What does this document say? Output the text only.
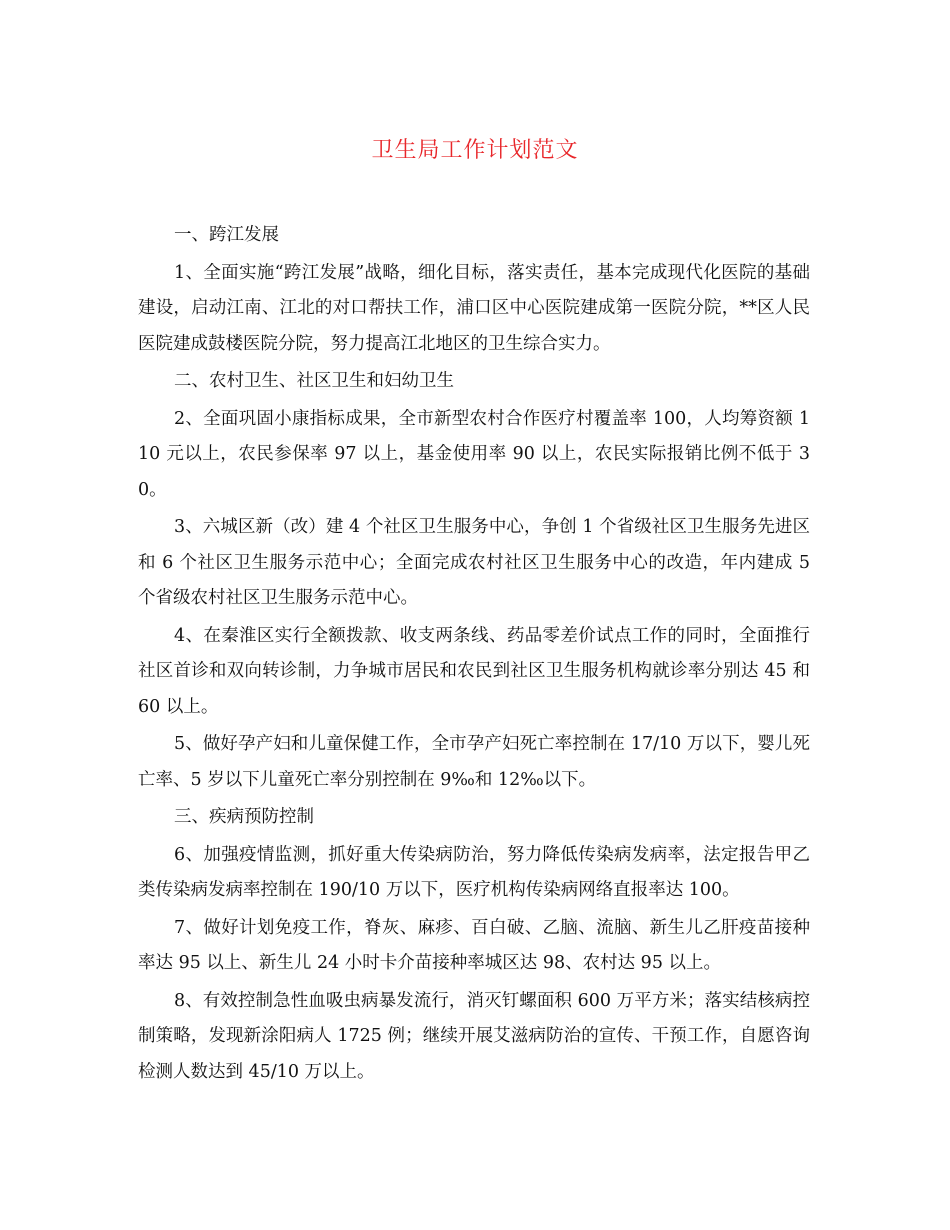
卫生局工作计划范文

一、跨江发展

1、全面实施“跨江发展”战略，细化目标，落实责任，基本完成现代化医院的基础建设，启动江南、江北的对口帮扶工作，浦口区中心医院建成第一医院分院，**区人民医院建成鼓楼医院分院，努力提高江北地区的卫生综合实力。

二、农村卫生、社区卫生和妇幼卫生

2、全面巩固小康指标成果，全市新型农村合作医疗村覆盖率 100，人均筹资额 110 元以上，农民参保率 97 以上，基金使用率 90 以上，农民实际报销比例不低于 30。

3、六城区新（改）建 4 个社区卫生服务中心，争创 1 个省级社区卫生服务先进区和 6 个社区卫生服务示范中心；全面完成农村社区卫生服务中心的改造，年内建成 5 个省级农村社区卫生服务示范中心。

4、在秦淮区实行全额拨款、收支两条线、药品零差价试点工作的同时，全面推行社区首诊和双向转诊制，力争城市居民和农民到社区卫生服务机构就诊率分别达 45 和 60 以上。

5、做好孕产妇和儿童保健工作，全市孕产妇死亡率控制在 17/10 万以下，婴儿死亡率、5 岁以下儿童死亡率分别控制在 9‰和 12‰以下。

三、疾病预防控制

6、加强疫情监测，抓好重大传染病防治，努力降低传染病发病率，法定报告甲乙类传染病发病率控制在 190/10 万以下，医疗机构传染病网络直报率达 100。

7、做好计划免疫工作，脊灰、麻疹、百白破、乙脑、流脑、新生儿乙肝疫苗接种率达 95 以上、新生儿 24 小时卡介苗接种率城区达 98、农村达 95 以上。

8、有效控制急性血吸虫病暴发流行，消灭钉螺面积 600 万平方米；落实结核病控制策略，发现新涂阳病人 1725 例；继续开展艾滋病防治的宣传、干预工作，自愿咨询检测人数达到 45/10 万以上。
